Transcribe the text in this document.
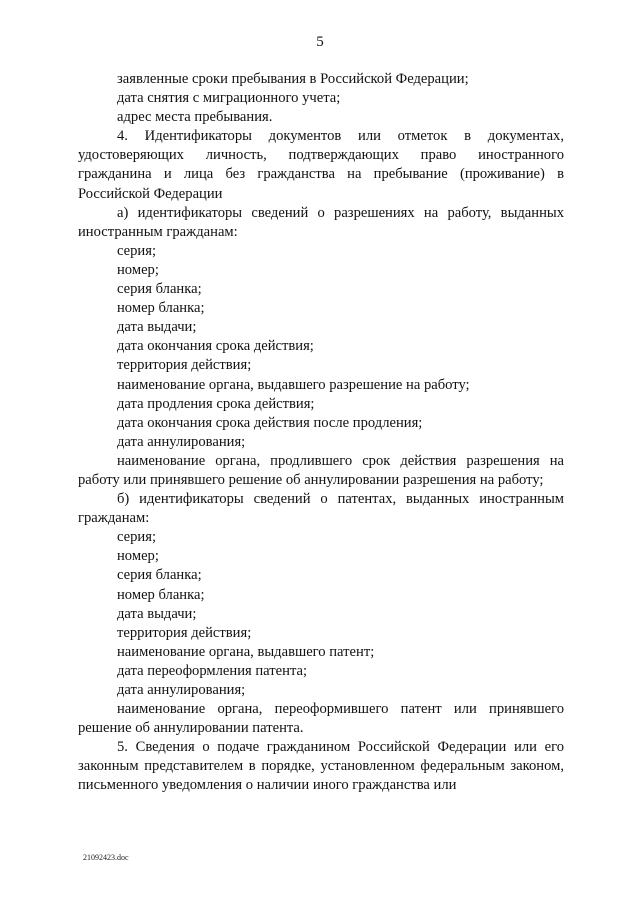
5

заявленные сроки пребывания в Российской Федерации;

дата снятия с миграционного учета;

адрес места пребывания.

4. Идентификаторы документов или отметок в документах, удостоверяющих личность, подтверждающих право иностранного гражданина и лица без гражданства на пребывание (проживание) в Российской Федерации

а) идентификаторы сведений о разрешениях на работу, выданных иностранным гражданам:

серия;

номер;

серия бланка;

номер бланка;

дата выдачи;

дата окончания срока действия;

территория действия;

наименование органа, выдавшего разрешение на работу;

дата продления срока действия;

дата окончания срока действия после продления;

дата аннулирования;

наименование органа, продлившего срок действия разрешения на работу или принявшего решение об аннулировании разрешения на работу;

б) идентификаторы сведений о патентах, выданных иностранным гражданам:

серия;

номер;

серия бланка;

номер бланка;

дата выдачи;

территория действия;

наименование органа, выдавшего патент;

дата переоформления патента;

дата аннулирования;

наименование органа, переоформившего патент или принявшего решение об аннулировании патента.

5. Сведения о подаче гражданином Российской Федерации или его законным представителем в порядке, установленном федеральным законом, письменного уведомления о наличии иного гражданства или

21092423.doc
